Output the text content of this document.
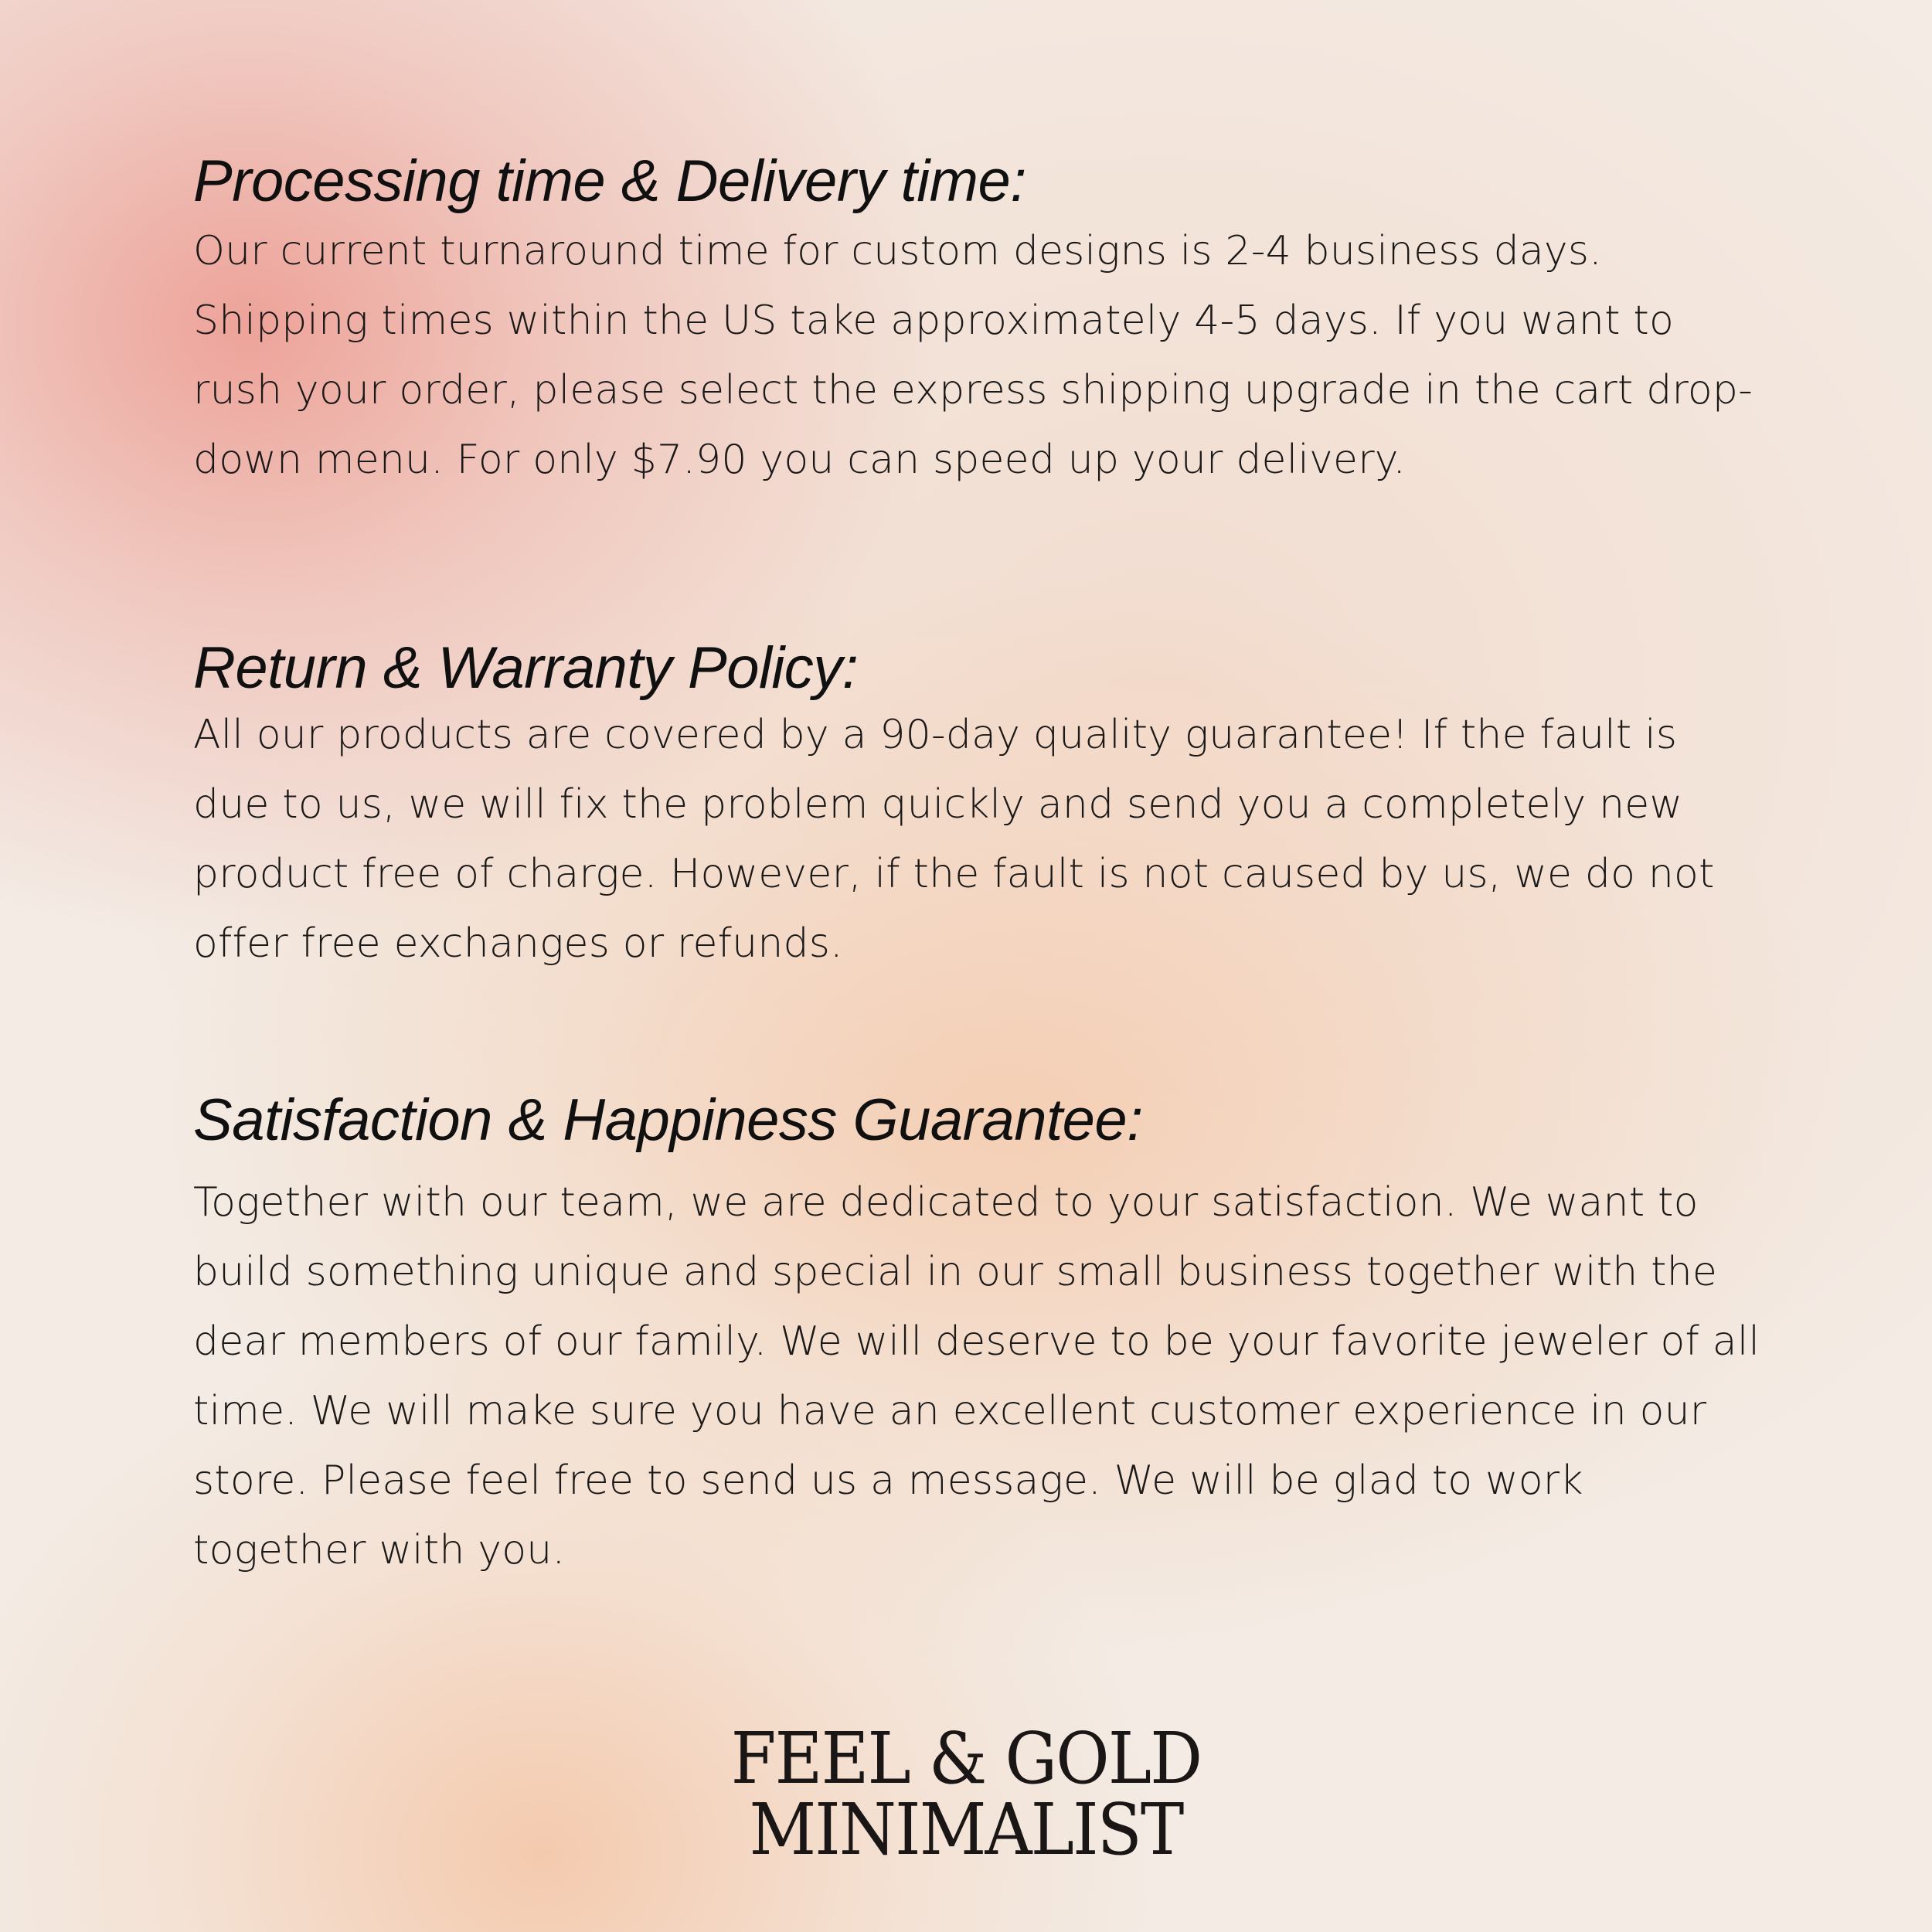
Processing time & Delivery time:

Our current turnaround time for custom designs is 2-4 business days. Shipping times within the US take approximately 4-5 days. If you want to rush your order, please select the express shipping upgrade in the cart drop-down menu. For only $7.90 you can speed up your delivery.

Return & Warranty Policy:

All our products are covered by a 90-day quality guarantee! If the fault is due to us, we will fix the problem quickly and send you a completely new product free of charge. However, if the fault is not caused by us, we do not offer free exchanges or refunds.

Satisfaction & Happiness Guarantee:

Together with our team, we are dedicated to your satisfaction. We want to build something unique and special in our small business together with the dear members of our family. We will deserve to be your favorite jeweler of all time. We will make sure you have an excellent customer experience in our store. Please feel free to send us a message. We will be glad to work together with you.

FEEL & GOLD
MINIMALIST
